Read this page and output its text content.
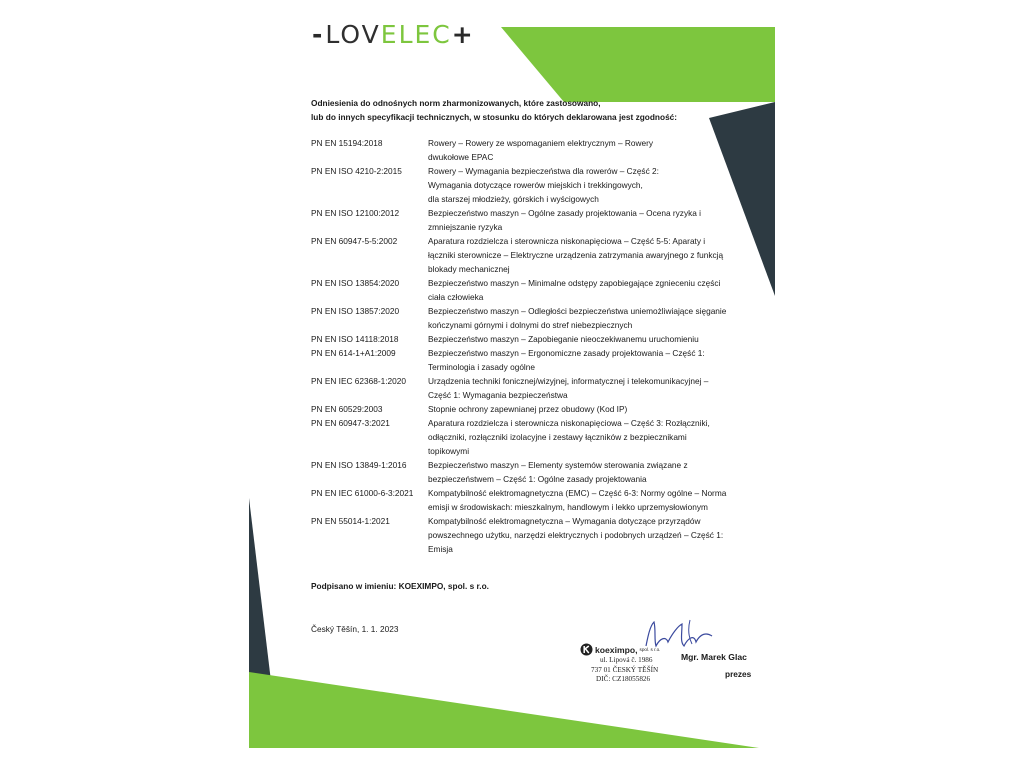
- LOV ELEC +
Odniesienia do odnośnych norm zharmonizowanych, które zastosowano,
lub do innych specyfikacji technicznych, w stosunku do których deklarowana jest zgodność:
PN EN 15194:2018	Rowery – Rowery ze wspomaganiem elektrycznym – Rowery
dwukołowe EPAC
PN EN ISO 4210-2:2015	Rowery – Wymagania bezpieczeństwa dla rowerów – Część 2:
Wymagania dotyczące rowerów miejskich i trekkingowych,
dla starszej młodzieży, górskich i wyścigowych
PN EN ISO 12100:2012	Bezpieczeństwo maszyn – Ogólne zasady projektowania – Ocena ryzyka i
zmniejszanie ryzyka
PN EN 60947-5-5:2002	Aparatura rozdzielcza i sterownicza niskonapięciowa – Część 5-5: Aparaty i
łączniki sterownicze – Elektryczne urządzenia zatrzymania awaryjnego z funkcją
blokady mechanicznej
PN EN ISO 13854:2020	Bezpieczeństwo maszyn – Minimalne odstępy zapobiegające zgnieceniu części
ciała człowieka
PN EN ISO 13857:2020	Bezpieczeństwo maszyn – Odległości bezpieczeństwa uniemożliwiające sięganie
kończynami górnymi i dolnymi do stref niebezpiecznych
PN EN ISO 14118:2018	Bezpieczeństwo maszyn – Zapobieganie nieoczekiwanemu uruchomieniu
PN EN 614-1+A1:2009	Bezpieczeństwo maszyn – Ergonomiczne zasady projektowania – Część 1:
Terminologia i zasady ogólne
PN EN IEC 62368-1:2020	Urządzenia techniki fonicznej/wizyjnej, informatycznej i telekomunikacyjnej –
Część 1: Wymagania bezpieczeństwa
PN EN 60529:2003	Stopnie ochrony zapewnianej przez obudowy (Kod IP)
PN EN 60947-3:2021	Aparatura rozdzielcza i sterownicza niskonapięciowa – Część 3: Rozłączniki,
odłączniki, rozłączniki izolacyjne i zestawy łączników z bezpiecznikami
topikowymi
PN EN ISO 13849-1:2016	Bezpieczeństwo maszyn – Elementy systemów sterowania związane z
bezpieczeństwem – Część 1: Ogólne zasady projektowania
PN EN IEC 61000-6-3:2021	Kompatybilność elektromagnetyczna (EMC) – Część 6-3: Normy ogólne – Norma
emisji w środowiskach: mieszkalnym, handlowym i lekko uprzemysłowionym
PN EN 55014-1:2021	Kompatybilność elektromagnetyczna – Wymagania dotyczące przyrządów
powszechnego użytku, narzędzi elektrycznych i podobnych urządzeń – Część 1:
Emisja
Podpisano w imieniu: KOEXIMPO, spol. s r.o.
Český Těšín, 1. 1. 2023
koeximpo, spol. s r.o.
ul. Lipová č. 1986
737 01 ČESKÝ TĚŠÍN
DIČ: CZ18055826
Mgr. Marek Glac
prezes
